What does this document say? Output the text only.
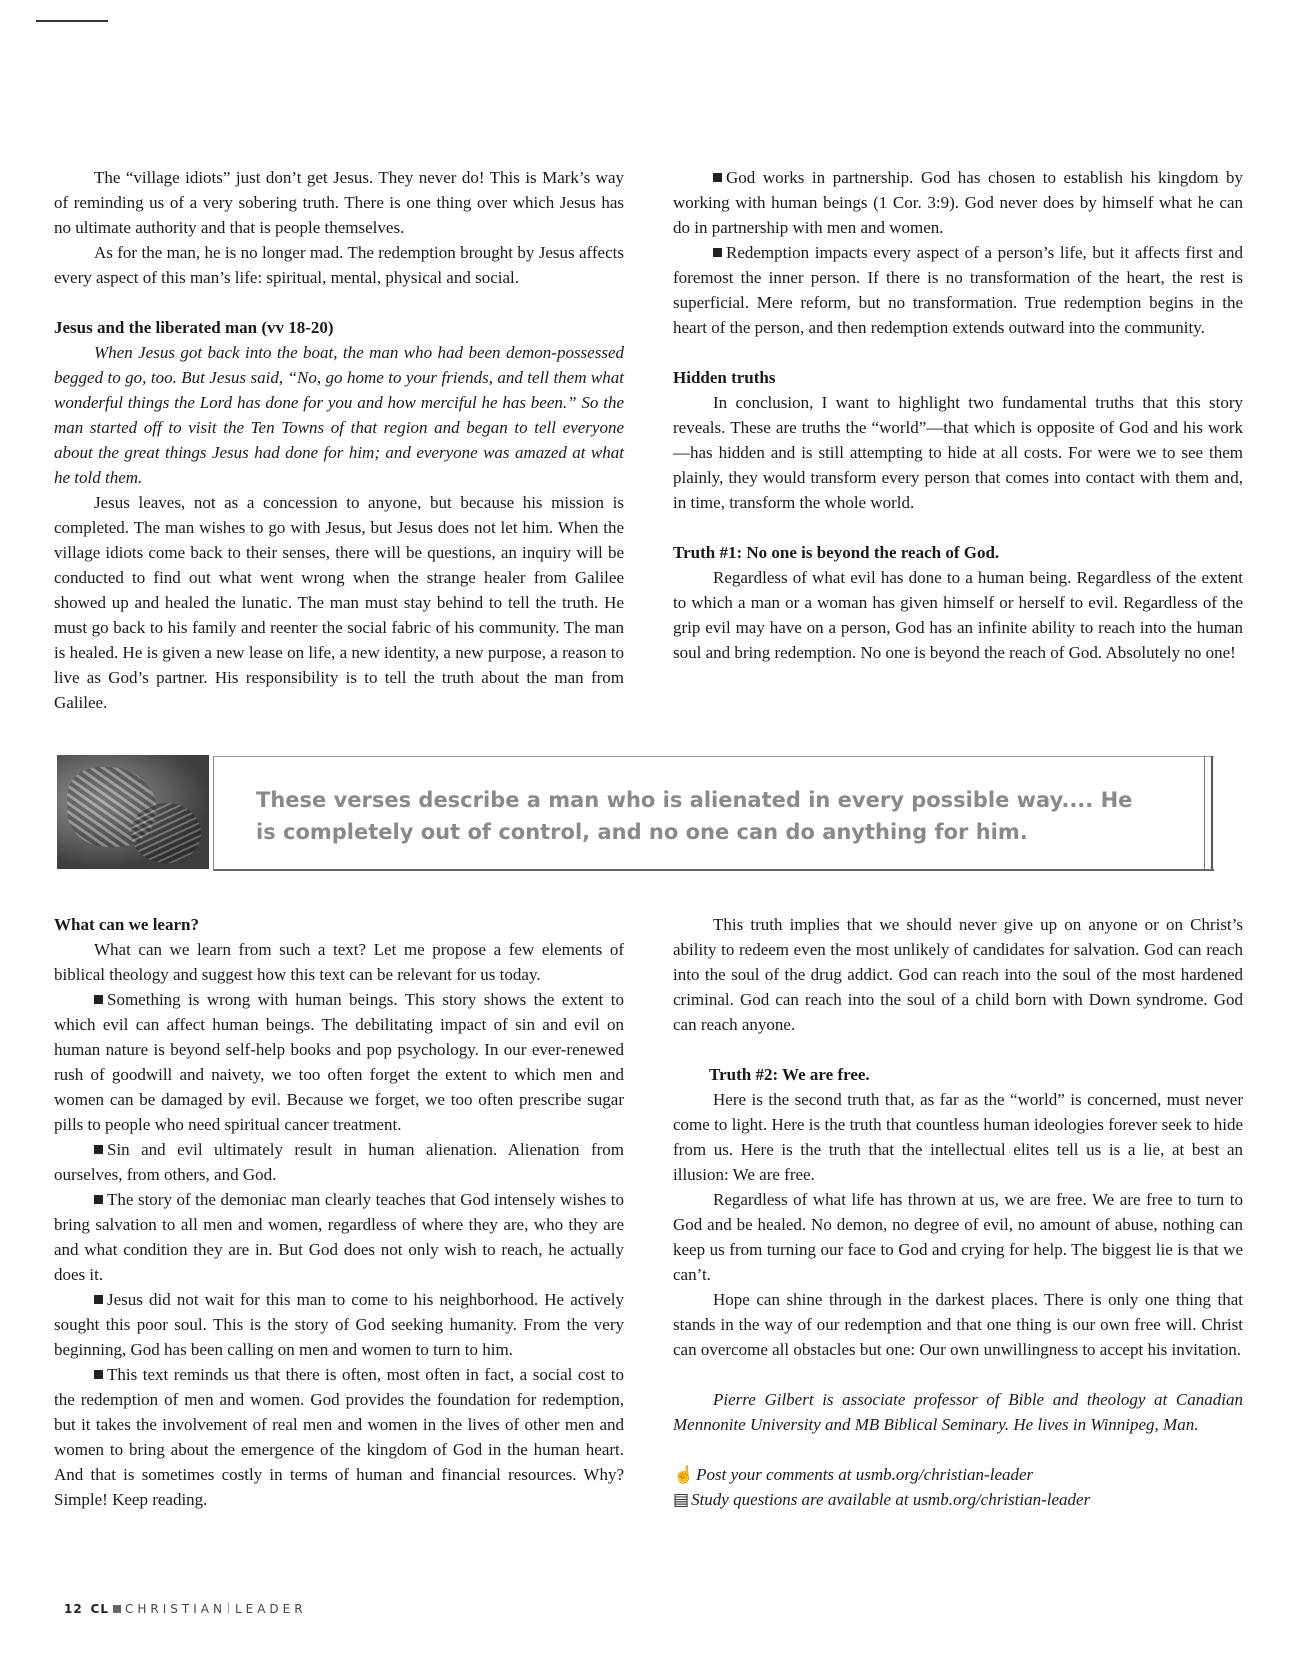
The “village idiots” just don’t get Jesus. They never do! This is Mark’s way of reminding us of a very sobering truth. There is one thing over which Jesus has no ultimate authority and that is people themselves.

As for the man, he is no longer mad. The redemption brought by Jesus affects every aspect of this man’s life: spiritual, mental, physical and social.

Jesus and the liberated man (vv 18-20)

When Jesus got back into the boat, the man who had been demon-possessed begged to go, too. But Jesus said, “No, go home to your friends, and tell them what wonderful things the Lord has done for you and how merciful he has been.” So the man started off to visit the Ten Towns of that region and began to tell everyone about the great things Jesus had done for him; and everyone was amazed at what he told them.

Jesus leaves, not as a concession to anyone, but because his mission is completed. The man wishes to go with Jesus, but Jesus does not let him. When the village idiots come back to their senses, there will be questions, an inquiry will be conducted to find out what went wrong when the strange healer from Galilee showed up and healed the lunatic. The man must stay behind to tell the truth. He must go back to his family and reenter the social fabric of his community. The man is healed. He is given a new lease on life, a new identity, a new purpose, a reason to live as God’s partner. His responsibility is to tell the truth about the man from Galilee.

God works in partnership. God has chosen to establish his kingdom by working with human beings (1 Cor. 3:9). God never does by himself what he can do in partnership with men and women.

Redemption impacts every aspect of a person’s life, but it affects first and foremost the inner person. If there is no transformation of the heart, the rest is superficial. Mere reform, but no transformation. True redemption begins in the heart of the person, and then redemption extends outward into the community.

Hidden truths

In conclusion, I want to highlight two fundamental truths that this story reveals. These are truths the “world”—that which is opposite of God and his work—has hidden and is still attempting to hide at all costs. For were we to see them plainly, they would transform every person that comes into contact with them and, in time, transform the whole world.

Truth #1: No one is beyond the reach of God.

Regardless of what evil has done to a human being. Regardless of the extent to which a man or a woman has given himself or herself to evil. Regardless of the grip evil may have on a person, God has an infinite ability to reach into the human soul and bring redemption. No one is beyond the reach of God. Absolutely no one!

These verses describe a man who is alienated in every possible way.... He is completely out of control, and no one can do anything for him.
What can we learn?

What can we learn from such a text? Let me propose a few elements of biblical theology and suggest how this text can be relevant for us today.

Something is wrong with human beings. This story shows the extent to which evil can affect human beings. The debilitating impact of sin and evil on human nature is beyond self-help books and pop psychology. In our ever-renewed rush of goodwill and naivety, we too often forget the extent to which men and women can be damaged by evil. Because we forget, we too often prescribe sugar pills to people who need spiritual cancer treatment.

Sin and evil ultimately result in human alienation. Alienation from ourselves, from others, and God.

The story of the demoniac man clearly teaches that God intensely wishes to bring salvation to all men and women, regardless of where they are, who they are and what condition they are in. But God does not only wish to reach, he actually does it.

Jesus did not wait for this man to come to his neighborhood. He actively sought this poor soul. This is the story of God seeking humanity. From the very beginning, God has been calling on men and women to turn to him.

This text reminds us that there is often, most often in fact, a social cost to the redemption of men and women. God provides the foundation for redemption, but it takes the involvement of real men and women in the lives of other men and women to bring about the emergence of the kingdom of God in the human heart. And that is sometimes costly in terms of human and financial resources. Why? Simple! Keep reading.

This truth implies that we should never give up on anyone or on Christ’s ability to redeem even the most unlikely of candidates for salvation. God can reach into the soul of the drug addict. God can reach into the soul of the most hardened criminal. God can reach into the soul of a child born with Down syndrome. God can reach anyone.

Truth #2: We are free.

Here is the second truth that, as far as the “world” is concerned, must never come to light. Here is the truth that countless human ideologies forever seek to hide from us. Here is the truth that the intellectual elites tell us is a lie, at best an illusion: We are free.

Regardless of what life has thrown at us, we are free. We are free to turn to God and be healed. No demon, no degree of evil, no amount of abuse, nothing can keep us from turning our face to God and crying for help. The biggest lie is that we can’t.

Hope can shine through in the darkest places. There is only one thing that stands in the way of our redemption and that one thing is our own free will. Christ can overcome all obstacles but one: Our own unwillingness to accept his invitation.

Pierre Gilbert is associate professor of Bible and theology at Canadian Mennonite University and MB Biblical Seminary. He lives in Winnipeg, Man.

☝ Post your comments at usmb.org/christian-leader
▤ Study questions are available at usmb.org/christian-leader
12 CL CHRISTIAN LEADER
